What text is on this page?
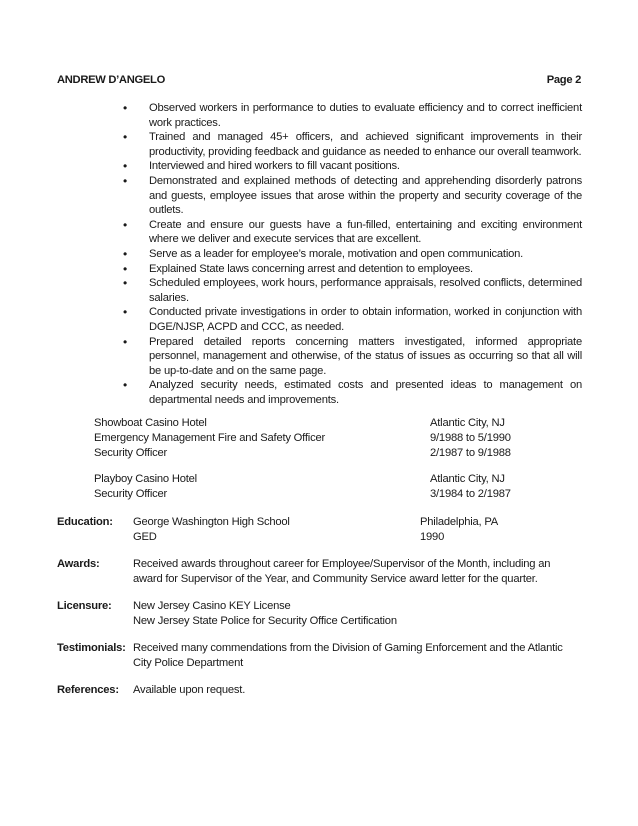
ANDREW D’ANGELO	Page 2
• Observed workers in performance to duties to evaluate efficiency and to correct inefficient work practices.
• Trained and managed 45+ officers, and achieved significant improvements in their productivity, providing feedback and guidance as needed to enhance our overall teamwork.
• Interviewed and hired workers to fill vacant positions.
• Demonstrated and explained methods of detecting and apprehending disorderly patrons and guests, employee issues that arose within the property and security coverage of the outlets.
• Create and ensure our guests have a fun-filled, entertaining and exciting environment where we deliver and execute services that are excellent.
• Serve as a leader for employee’s morale, motivation and open communication.
• Explained State laws concerning arrest and detention to employees.
• Scheduled employees, work hours, performance appraisals, resolved conflicts, determined salaries.
• Conducted private investigations in order to obtain information, worked in conjunction with DGE/NJSP, ACPD and CCC, as needed.
• Prepared detailed reports concerning matters investigated, informed appropriate personnel, management and otherwise, of the status of issues as occurring so that all will be up-to-date and on the same page.
• Analyzed security needs, estimated costs and presented ideas to management on departmental needs and improvements.
Showboat Casino Hotel	Atlantic City, NJ
Emergency Management Fire and Safety Officer	9/1988 to 5/1990
Security Officer	2/1987 to 9/1988
Playboy Casino Hotel	Atlantic City, NJ
Security Officer	3/1984 to 2/1987
Education: George Washington High School	Philadelphia, PA
GED	1990
Awards:	Received awards throughout career for Employee/Supervisor of the Month, including an award for Supervisor of the Year, and Community Service award letter for the quarter.
Licensure: New Jersey Casino KEY License
New Jersey State Police for Security Office Certification
Testimonials: Received many commendations from the Division of Gaming Enforcement and the Atlantic City Police Department
References: Available upon request.
